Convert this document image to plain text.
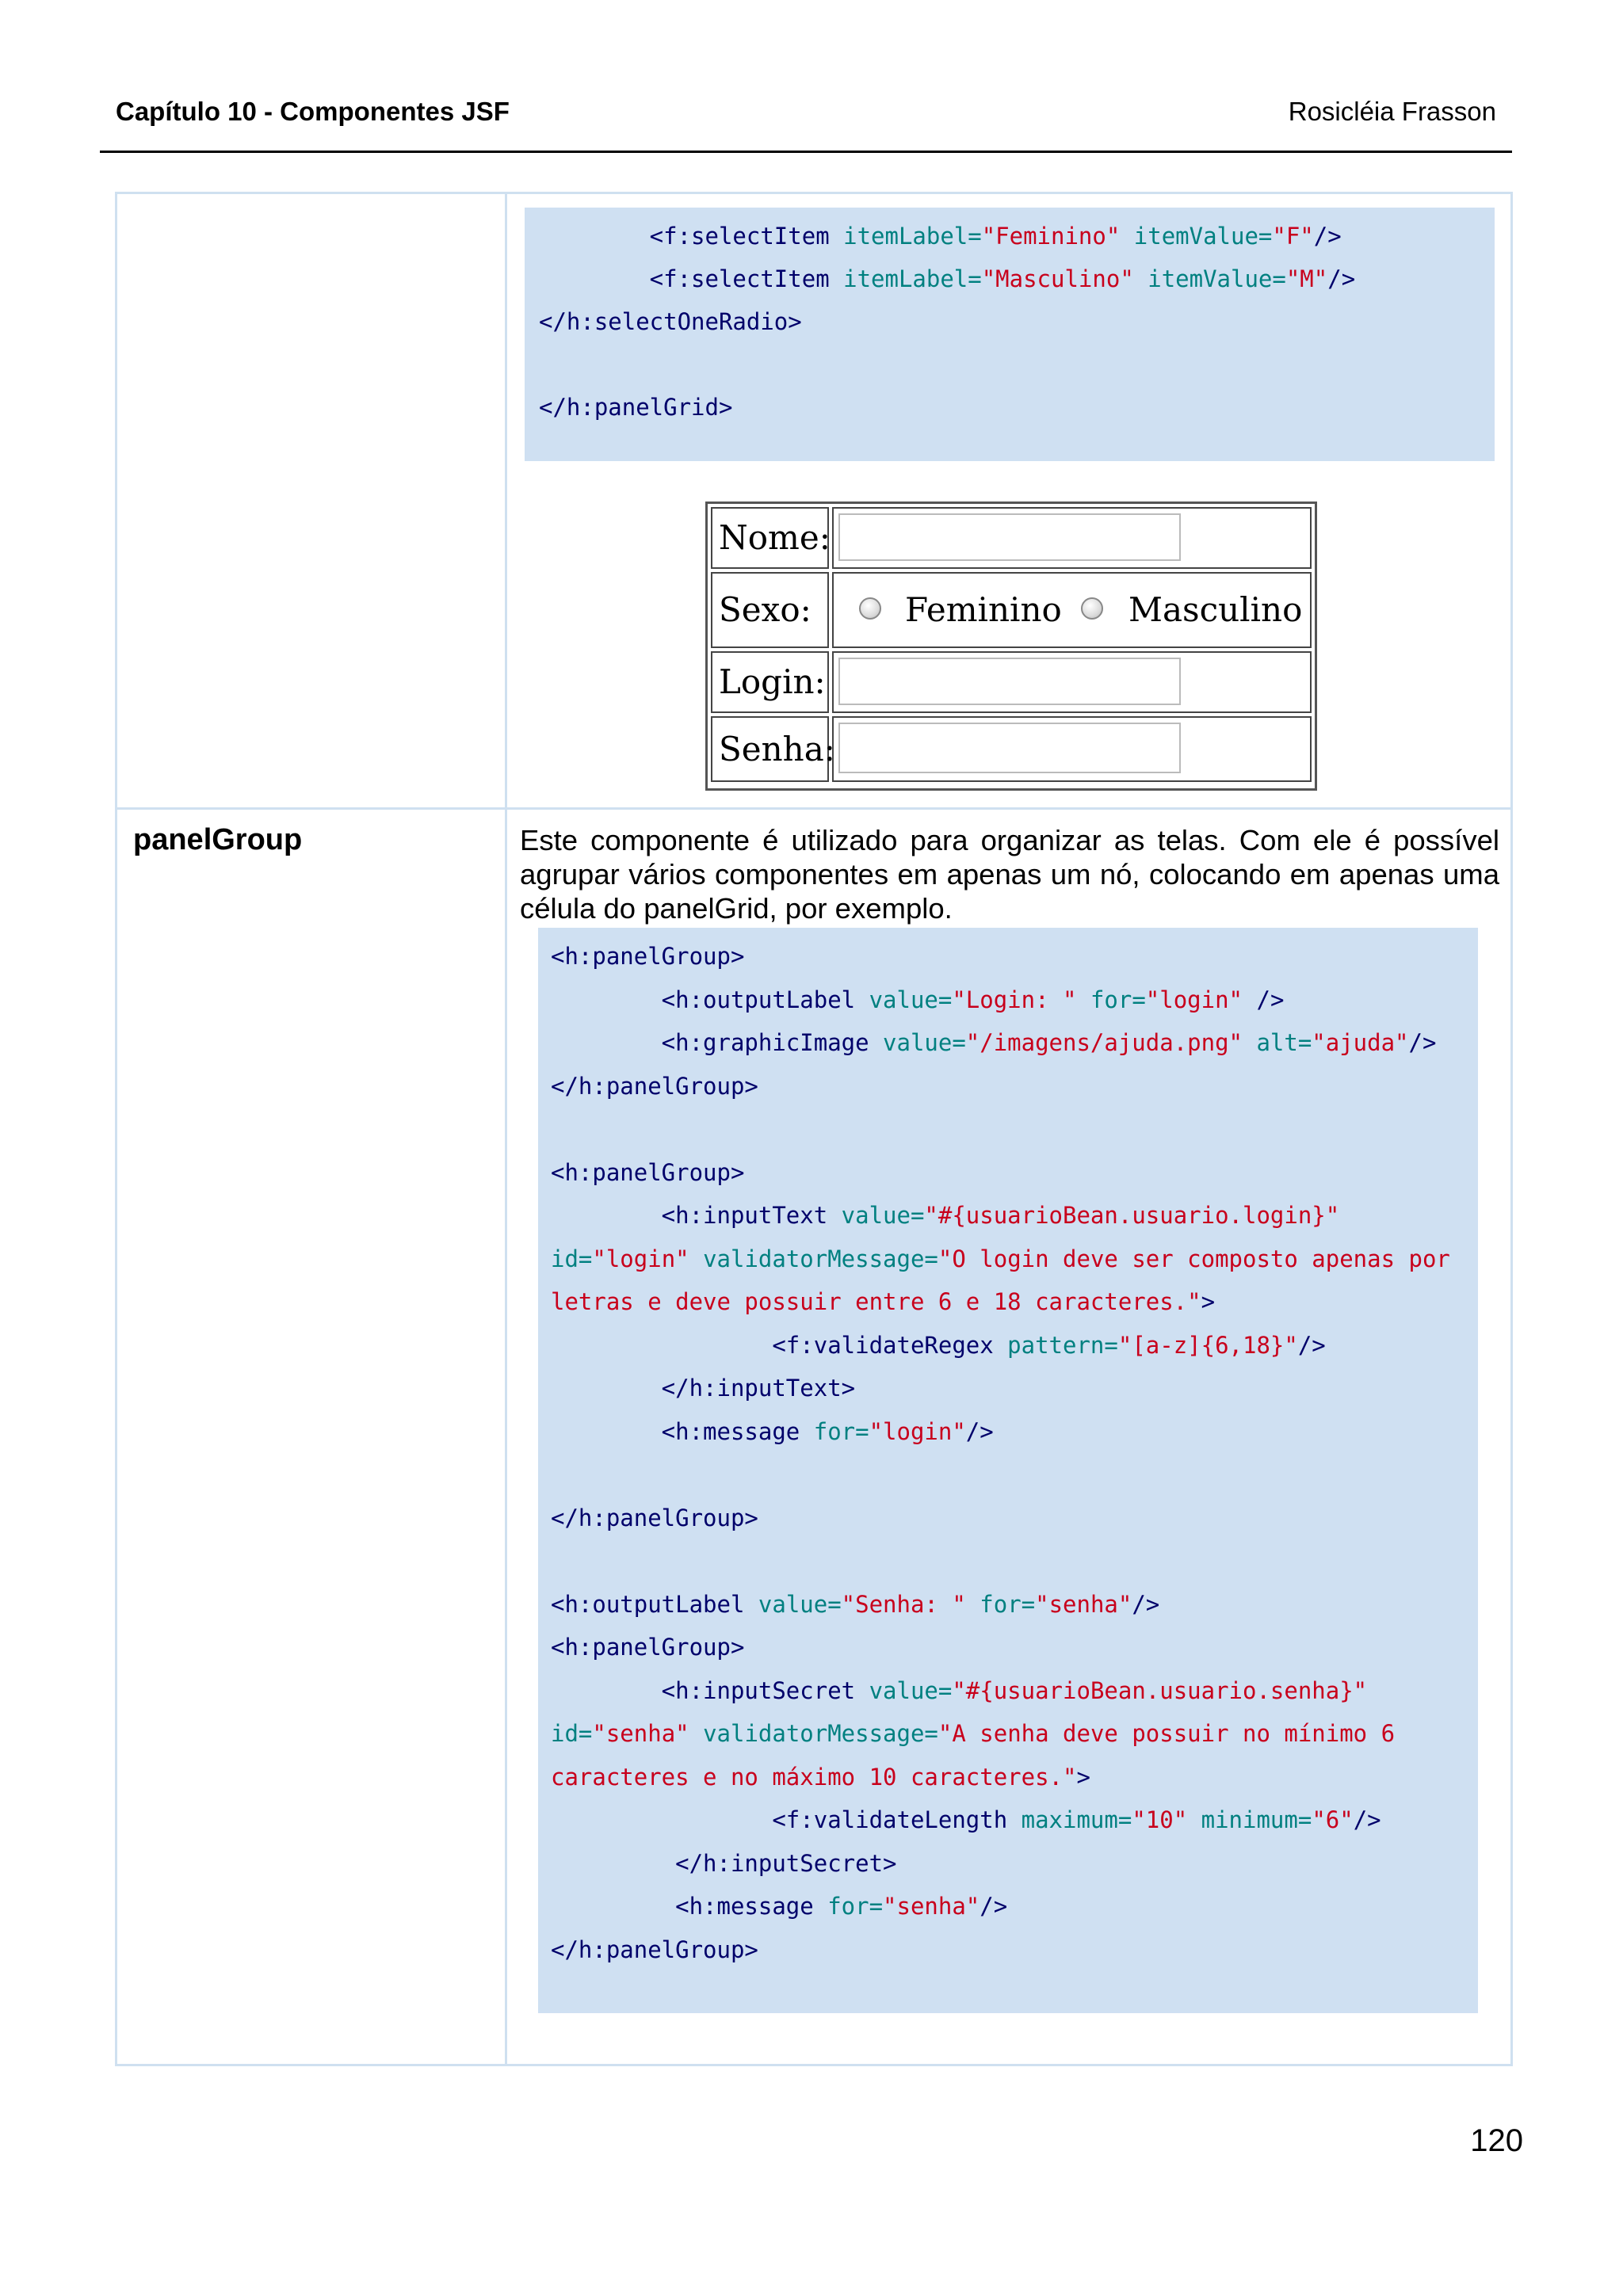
Capítulo 10 - Componentes JSF	Rosicléia Frasson
<f:selectItem itemLabel="Feminino" itemValue="F"/>
<f:selectItem itemLabel="Masculino" itemValue="M"/>
</h:selectOneRadio>
</h:panelGrid>
Nome:
Sexo:	Feminino Masculino
Login:
Senha:
panelGroup	Este componente é utilizado para organizar as telas. Com ele é possível agrupar vários componentes em apenas um nó, colocando em apenas uma célula do panelGrid, por exemplo.
<h:panelGroup>
<h:outputLabel value="Login: " for="login" />
<h:graphicImage value="/imagens/ajuda.png" alt="ajuda"/>
</h:panelGroup>
<h:panelGroup>
<h:inputText value="#{usuarioBean.usuario.login}"
id="login" validatorMessage="O login deve ser composto apenas por
letras e deve possuir entre 6 e 18 caracteres.">
<f:validateRegex pattern="[a-z]{6,18}"/>
</h:inputText>
<h:message for="login"/>
</h:panelGroup>
<h:outputLabel value="Senha: " for="senha"/>
<h:panelGroup>
<h:inputSecret value="#{usuarioBean.usuario.senha}"
id="senha" validatorMessage="A senha deve possuir no mínimo 6
caracteres e no máximo 10 caracteres.">
<f:validateLength maximum="10" minimum="6"/>
</h:inputSecret>
<h:message for="senha"/>
</h:panelGroup>
120
